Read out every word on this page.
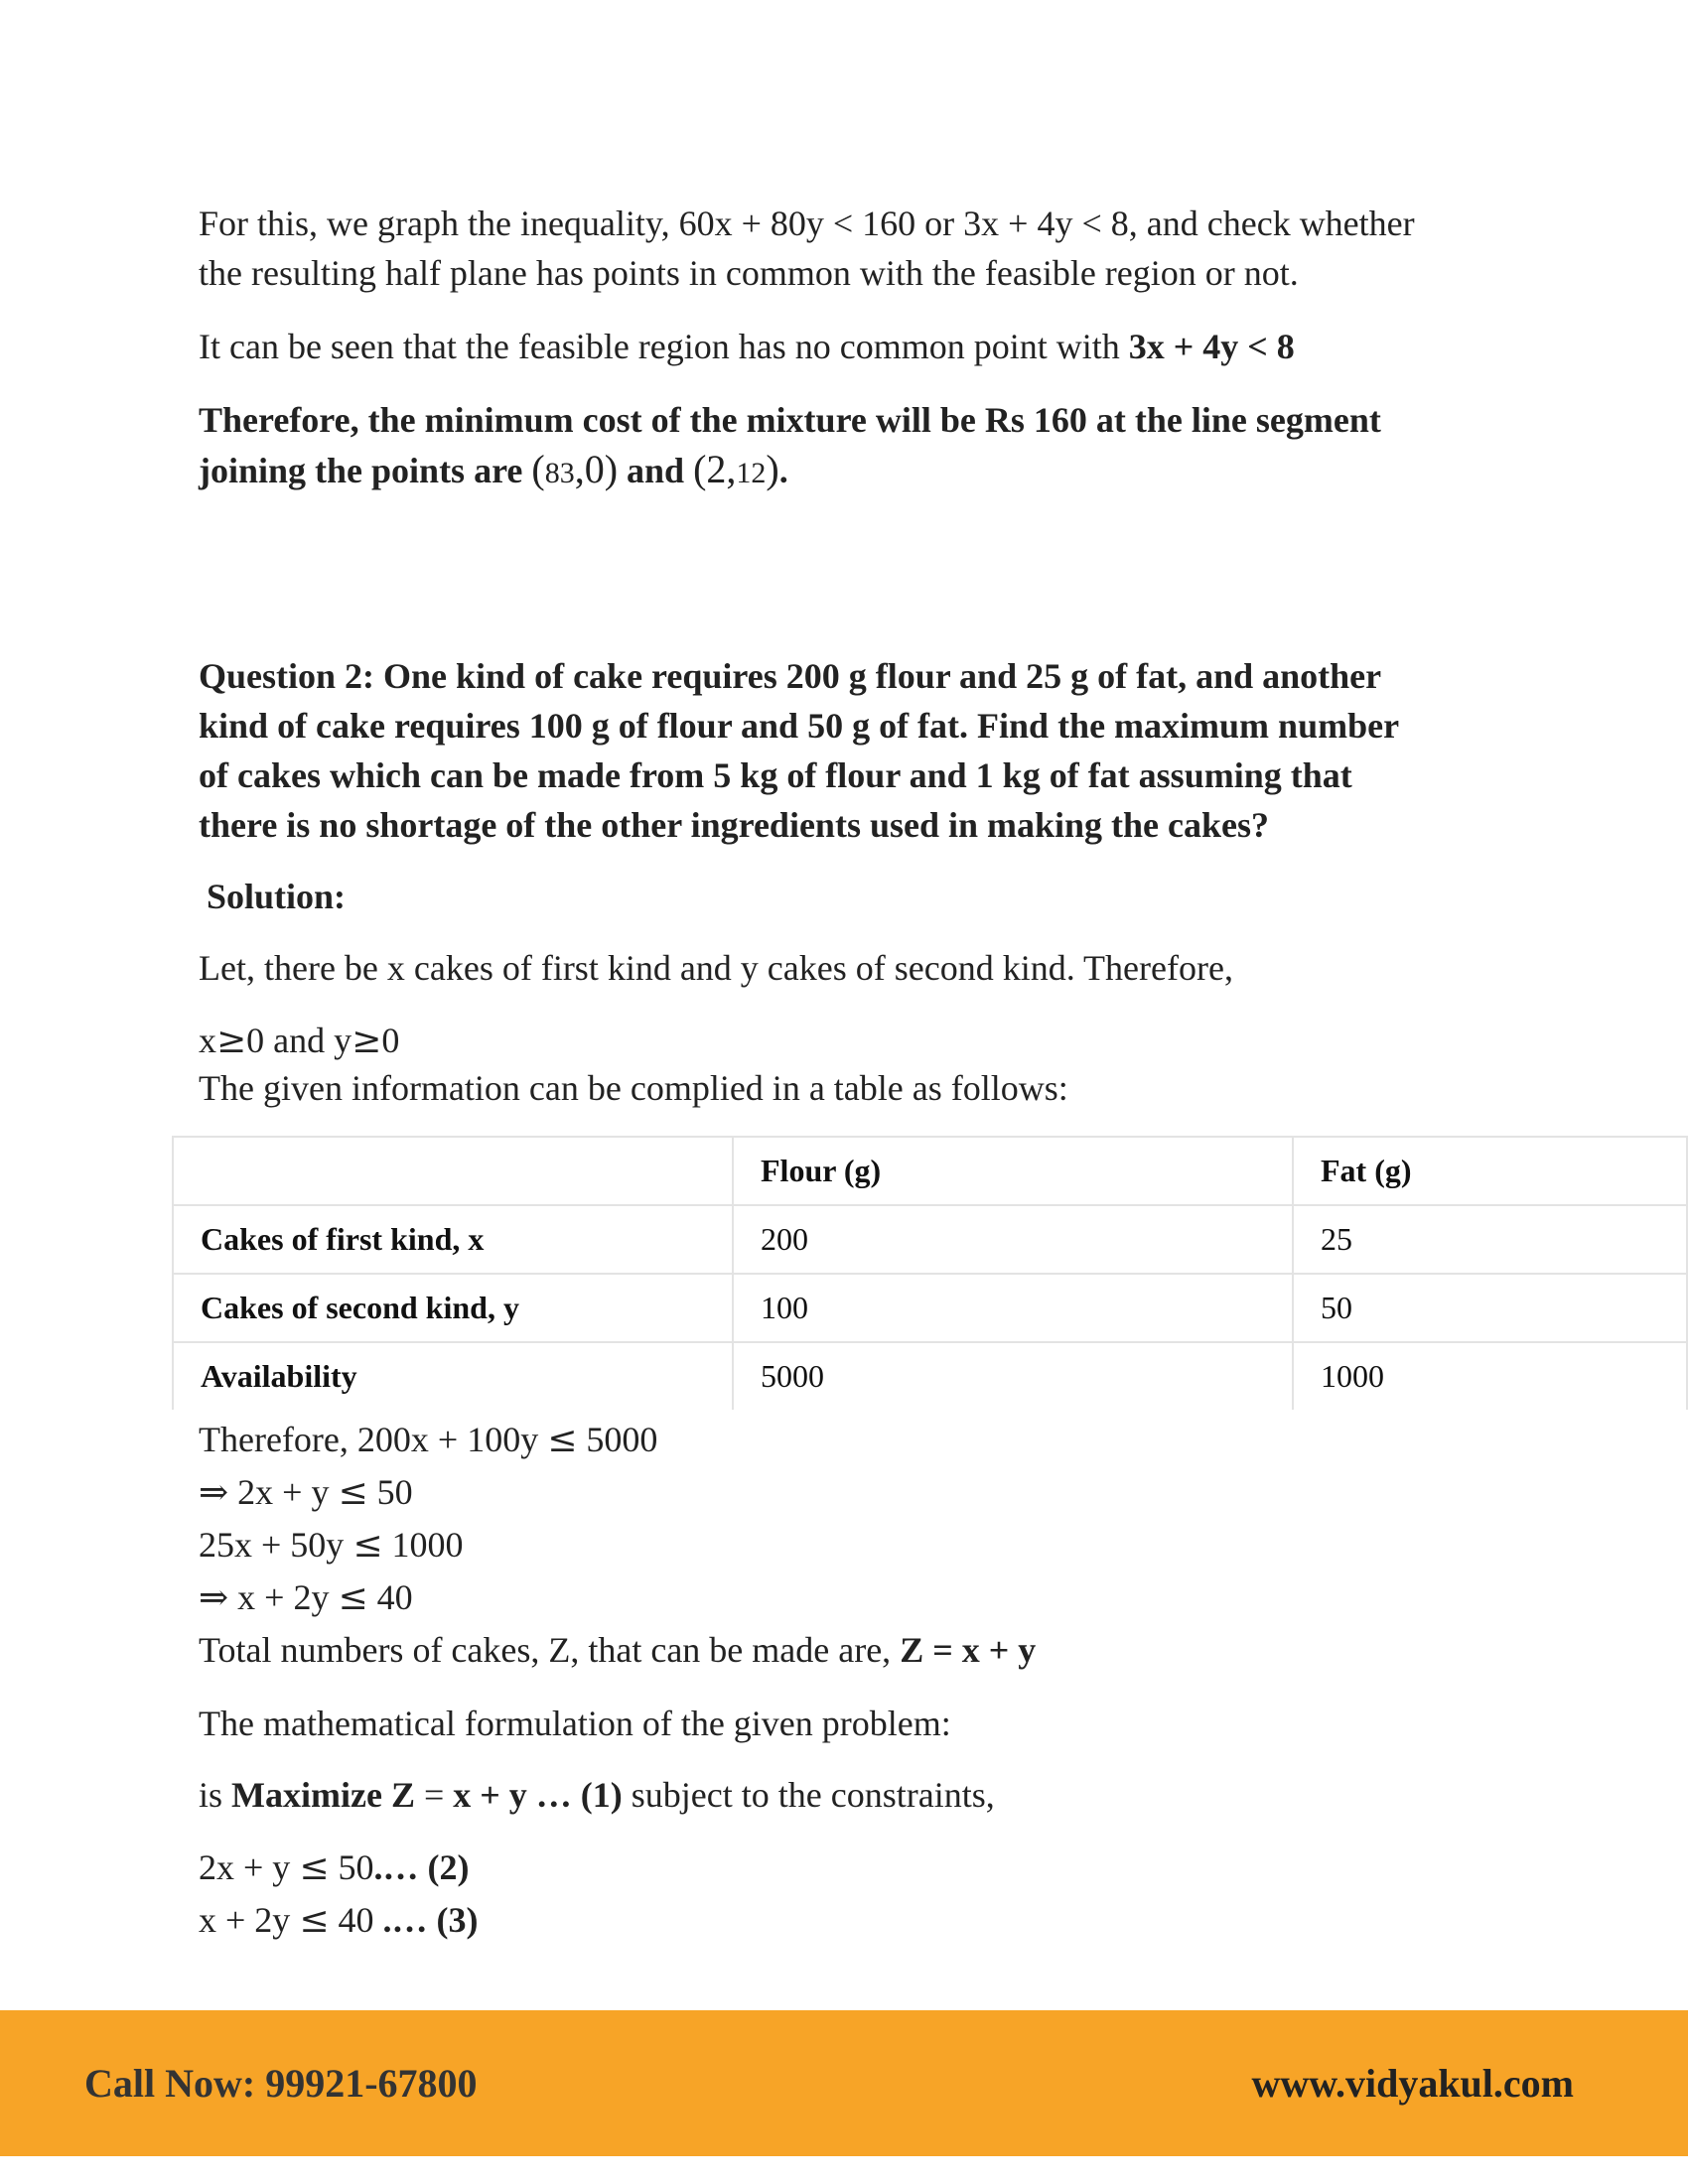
For this, we graph the inequality, 60x + 80y < 160 or 3x + 4y < 8, and check whether
the resulting half plane has points in common with the feasible region or not.

It can be seen that the feasible region has no common point with 3x + 4y < 8

Therefore, the minimum cost of the mixture will be Rs 160 at the line segment
joining the points are (83,0) and (2,12).

Question 2: One kind of cake requires 200 g flour and 25 g of fat, and another
kind of cake requires 100 g of flour and 50 g of fat. Find the maximum number
of cakes which can be made from 5 kg of flour and 1 kg of fat assuming that
there is no shortage of the other ingredients used in making the cakes?

Solution:

Let, there be x cakes of first kind and y cakes of second kind. Therefore,

x≥0 and y≥0

The given information can be complied in a table as follows:

	Flour (g)	Fat (g)
Cakes of first kind, x	200	25
Cakes of second kind, y	100	50
Availability	5000	1000

Therefore, 200x + 100y ≤ 5000
⇒ 2x + y ≤ 50
25x + 50y ≤ 1000
⇒ x + 2y ≤ 40
Total numbers of cakes, Z, that can be made are, Z = x + y

The mathematical formulation of the given problem:

is Maximize Z = x + y … (1) subject to the constraints,

2x + y ≤ 50.… (2)
x + 2y ≤ 40 .… (3)

Call Now: 99921-67800	www.vidyakul.com
